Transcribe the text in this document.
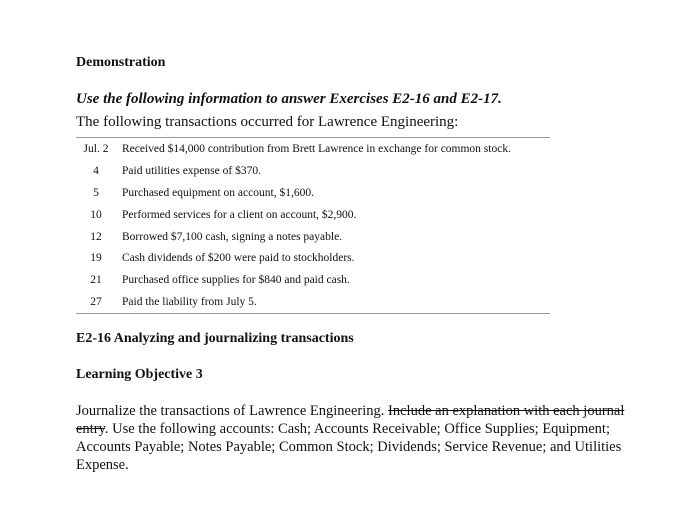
Demonstration
Use the following information to answer Exercises E2-16 and E2-17.
The following transactions occurred for Lawrence Engineering:
Jul. 2	Received $14,000 contribution from Brett Lawrence in exchange for common stock.
4	Paid utilities expense of $370.
5	Purchased equipment on account, $1,600.
10	Performed services for a client on account, $2,900.
12	Borrowed $7,100 cash, signing a notes payable.
19	Cash dividends of $200 were paid to stockholders.
21	Purchased office supplies for $840 and paid cash.
27	Paid the liability from July 5.
E2-16 Analyzing and journalizing transactions
Learning Objective 3
Journalize the transactions of Lawrence Engineering. Include an explanation with each journal entry. Use the following accounts: Cash; Accounts Receivable; Office Supplies; Equipment; Accounts Payable; Notes Payable; Common Stock; Dividends; Service Revenue; and Utilities Expense.
